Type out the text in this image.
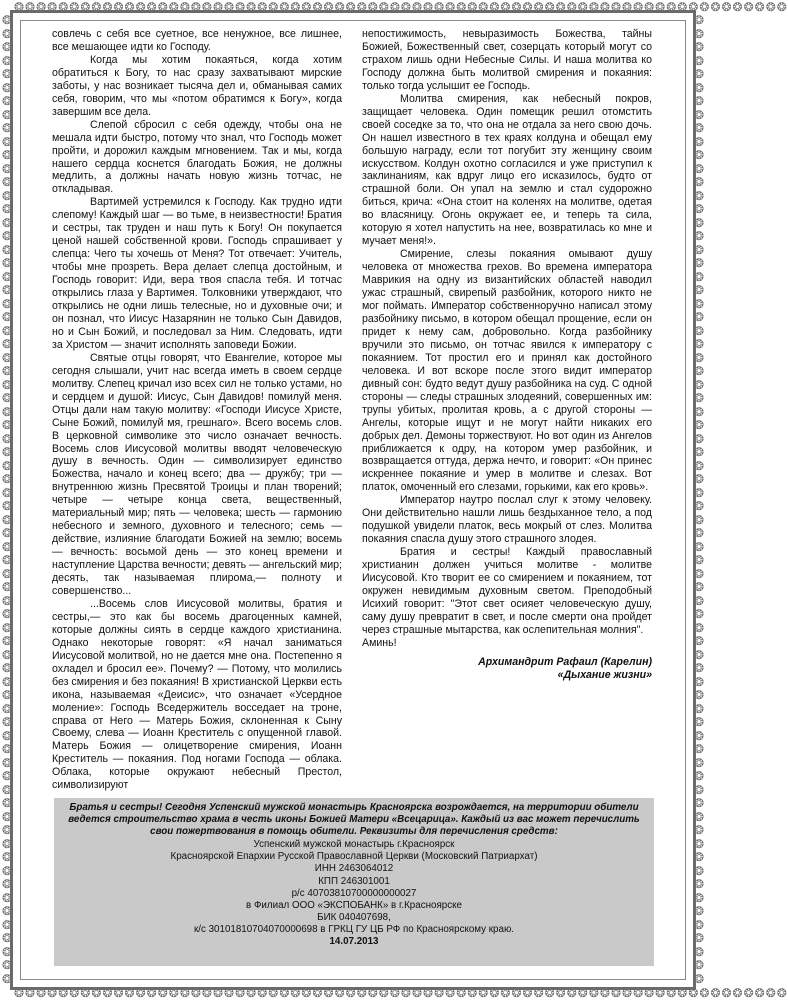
❂❂❂❂❂❂❂❂❂❂❂❂❂❂❂❂❂❂❂❂❂❂❂❂❂❂❂❂❂❂❂❂❂❂❂❂❂❂❂❂❂❂❂❂❂❂❂❂❂❂❂❂❂❂❂❂❂❂❂❂❂❂❂❂❂❂❂❂❂❂
❂❂❂❂❂❂❂❂❂❂❂❂❂❂❂❂❂❂❂❂❂❂❂❂❂❂❂❂❂❂❂❂❂❂❂❂❂❂❂❂❂❂❂❂❂❂❂❂❂❂❂❂❂❂❂❂❂❂❂❂❂❂❂❂❂❂❂❂❂❂
❂❂❂❂❂❂❂❂❂❂❂❂❂❂❂❂❂❂❂❂❂❂❂❂❂❂❂❂❂❂❂❂❂❂❂❂❂❂❂❂❂❂❂❂❂❂❂❂❂❂❂❂❂❂❂❂❂❂❂❂❂❂❂❂❂❂❂❂❂❂❂❂
❂❂❂❂❂❂❂❂❂❂❂❂❂❂❂❂❂❂❂❂❂❂❂❂❂❂❂❂❂❂❂❂❂❂❂❂❂❂❂❂❂❂❂❂❂❂❂❂❂❂❂❂❂❂❂❂❂❂❂❂❂❂❂❂❂❂❂❂❂❂❂❂

совлечь с себя все суетное, все ненужное, все лишнее, все мешающее идти ко Господу.

Когда мы хотим покаяться, когда хотим обратиться к Богу, то нас сразу захватывают мирские заботы, у нас возникает тысяча дел и, обманывая самих себя, говорим, что мы «потом обратимся к Богу», когда завершим все дела.

Слепой сбросил с себя одежду, чтобы она не мешала идти быстро, потому что знал, что Господь может пройти, и дорожил каждым мгновением. Так и мы, когда нашего сердца коснется благодать Божия, не должны медлить, а должны начать новую жизнь тотчас, не откладывая.

Вартимей устремился к Господу. Как трудно идти слепому! Каждый шаг — во тьме, в неизвестности! Братия и сестры, так труден и наш путь к Богу! Он покупается ценой нашей собственной крови. Господь спрашивает у слепца: Чего ты хочешь от Меня? Тот отвечает: Учитель, чтобы мне прозреть. Вера делает слепца достойным, и Господь говорит: Иди, вера твоя спасла тебя. И тотчас открылись глаза у Вартимея. Толковники утверждают, что открылись не одни лишь телесные, но и духовные очи; и он познал, что Иисус Назарянин не только Сын Давидов, но и Сын Божий, и последовал за Ним. Следовать, идти за Христом — значит исполнять заповеди Божии.

Святые отцы говорят, что Евангелие, которое мы сегодня слышали, учит нас всегда иметь в своем сердце молитву. Слепец кричал изо всех сил не только устами, но и сердцем и душой: Иисус, Сын Давидов! помилуй меня. Отцы дали нам такую молитву: «Господи Иисусе Христе, Сыне Божий, помилуй мя, грешнаго». Всего восемь слов. В церковной символике это число означает вечность. Восемь слов Иисусовой молитвы вводят человеческую душу в вечность. Один — символизирует единство Божества, начало и конец всего; два — дружбу; три — внутреннюю жизнь Пресвятой Троицы и план творений; четыре — четыре конца света, вещественный, материальный мир; пять — человека; шесть — гармонию небесного и земного, духовного и телесного; семь — действие, излияние благодати Божией на землю; восемь — вечность: восьмой день — это конец времени и наступление Царства вечности; девять — ангельский мир; десять, так называемая плирома,— полноту и совершенство...

...Восемь слов Иисусовой молитвы, братия и сестры,— это как бы восемь драгоценных камней, которые должны сиять в сердце каждого христианина. Однако некоторые говорят: «Я начал заниматься Иисусовой молитвой, но не дается мне она. Постепенно я охладел и бросил ее». Почему? — Потому, что молились без смирения и без покаяния! В христианской Церкви есть икона, называемая «Деисис», что означает «Усердное моление»: Господь Вседержитель восседает на троне, справа от Него — Матерь Божия, склоненная к Сыну Своему, слева — Иоанн Креститель с опущенной главой. Матерь Божия — олицетворение смирения, Иоанн Креститель — покаяния. Под ногами Господа — облака. Облака, которые окружают небесный Престол, символизируют

непостижимость, невыразимость Божества, тайны Божией, Божественный свет, созерцать который могут со страхом лишь одни Небесные Силы. И наша молитва ко Господу должна быть молитвой смирения и покаяния: только тогда услышит ее Господь.

Молитва смирения, как небесный покров, защищает человека. Один помещик решил отомстить своей соседке за то, что она не отдала за него свою дочь. Он нашел известного в тех краях колдуна и обещал ему большую награду, если тот погубит эту женщину своим искусством. Колдун охотно согласился и уже приступил к заклинаниям, как вдруг лицо его исказилось, будто от страшной боли. Он упал на землю и стал судорожно биться, крича: «Она стоит на коленях на молитве, одетая во власяницу. Огонь окружает ее, и теперь та сила, которую я хотел напустить на нее, возвратилась ко мне и мучает меня!».

Смирение, слезы покаяния омывают душу человека от множества грехов. Во времена императора Маврикия на одну из византийских областей наводил ужас страшный, свирепый разбойник, которого никто не мог поймать. Император собственноручно написал этому разбойнику письмо, в котором обещал прощение, если он придет к нему сам, добровольно. Когда разбойнику вручили это письмо, он тотчас явился к императору с покаянием. Тот простил его и принял как достойного человека. И вот вскоре после этого видит император дивный сон: будто ведут душу разбойника на суд. С одной стороны — следы страшных злодеяний, совершенных им: трупы убитых, пролитая кровь, а с другой стороны — Ангелы, которые ищут и не могут найти никаких его добрых дел. Демоны торжествуют. Но вот один из Ангелов приближается к одру, на котором умер разбойник, и возвращается оттуда, держа нечто, и говорит: «Он принес искреннее покаяние и умер в молитве и слезах. Вот платок, омоченный его слезами, горькими, как его кровь».

Император наутро послал слуг к этому человеку. Они действительно нашли лишь бездыханное тело, а под подушкой увидели платок, весь мокрый от слез. Молитва покаяния спасла душу этого страшного злодея.

Братия и сестры! Каждый православный христианин должен учиться молитве - молитве Иисусовой. Кто творит ее со смирением и покаянием, тот окружен невидимым духовным светом. Преподобный Исихий говорит: "Этот свет осияет человеческую душу, саму душу превратит в свет, и после смерти она пройдет через страшные мытарства, как ослепительная молния".

Аминь!

Архимандрит Рафаил (Карелин)
«Дыхание жизни»

Братья и сестры! Сегодня Успенский мужской монастырь Красноярска возрождается, на территории обители ведется строительство храма в честь иконы Божией Матери «Всецарица». Каждый из вас может перечислить свои пожертвования в помощь обители. Реквизиты для перечисления средств:

Успенский мужской монастырь г.Красноярск

Красноярской Епархии Русской Православной Церкви (Московский Патриархат)

ИНН 2463064012

КПП 246301001

р/с 40703810700000000027

в Филиал ООО «ЭКСПОБАНК» в г.Красноярске

БИК 040407698,

к/с 30101810704070000698 в ГРКЦ ГУ ЦБ РФ по Красноярскому краю.

14.07.2013
